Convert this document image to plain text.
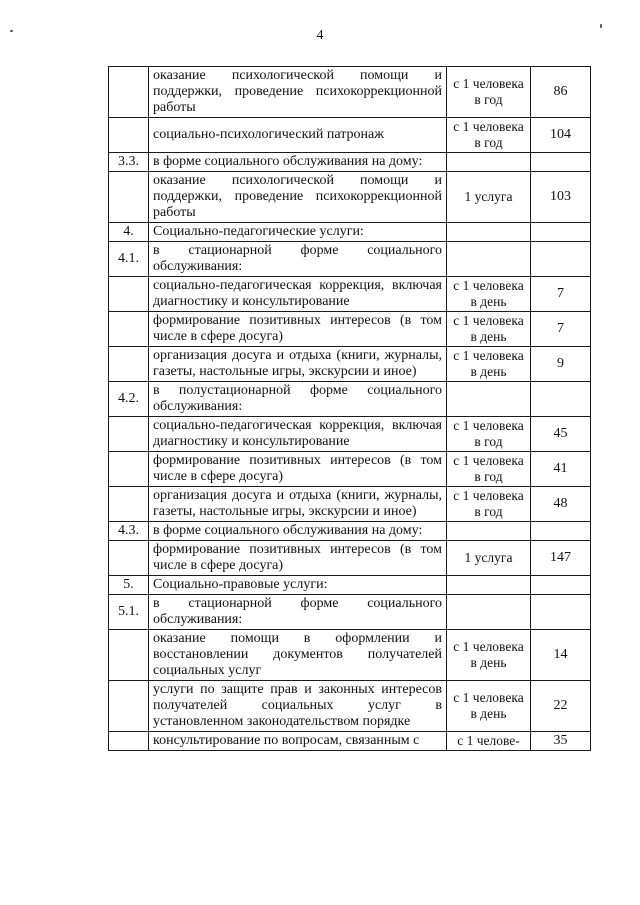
4
	оказание психологической помощи и поддержки, проведение психокоррекционной работы	с 1 человека в год	86
	социально-психологический патронаж	с 1 человека в год	104
3.3.	в форме социального обслуживания на дому:		
	оказание психологической помощи и поддержки, проведение психокоррекционной работы	1 услуга	103
4.	Социально-педагогические услуги:		
4.1.	в стационарной форме социального обслуживания:		
	социально-педагогическая коррекция, включая диагностику и консультирование	с 1 человека в день	7
	формирование позитивных интересов (в том числе в сфере досуга)	с 1 человека в день	7
	организация досуга и отдыха (книги, журналы, газеты, настольные игры, экскурсии и иное)	с 1 человека в день	9
4.2.	в полустационарной форме социального обслуживания:		
	социально-педагогическая коррекция, включая диагностику и консультирование	с 1 человека в год	45
	формирование позитивных интересов (в том числе в сфере досуга)	с 1 человека в год	41
	организация досуга и отдыха (книги, журналы, газеты, настольные игры, экскурсии и иное)	с 1 человека в год	48
4.3.	в форме социального обслуживания на дому:		
	формирование позитивных интересов (в том числе в сфере досуга)	1 услуга	147
5.	Социально-правовые услуги:		
5.1.	в стационарной форме социального обслуживания:		
	оказание помощи в оформлении и восстановлении документов получателей социальных услуг	с 1 человека в день	14
	услуги по защите прав и законных интересов получателей социальных услуг в установленном законодательством порядке	с 1 человека в день	22
	консультирование по вопросам, связанным с	с 1 челове-	35
